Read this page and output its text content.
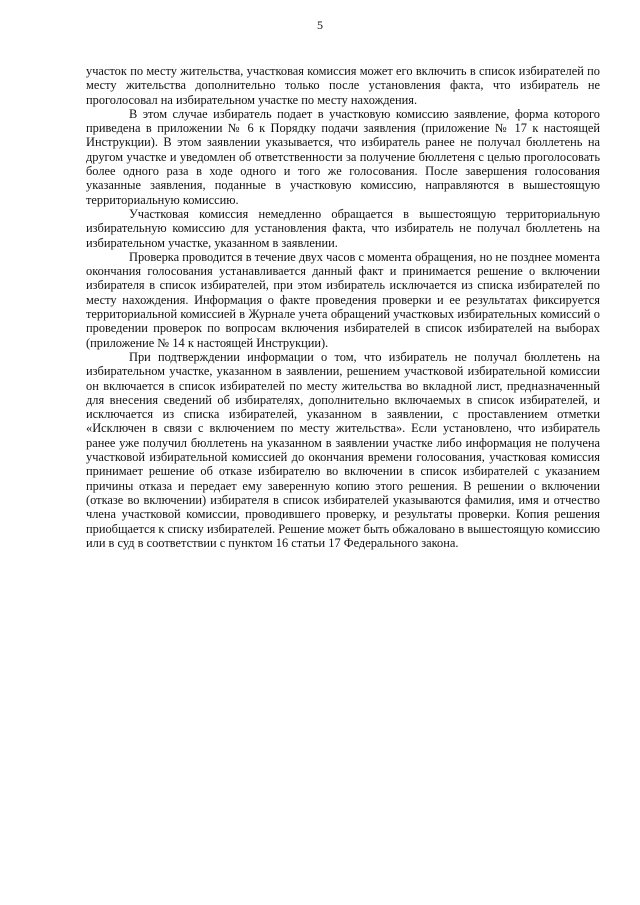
5

участок по месту жительства, участковая комиссия может его включить в список избирателей по месту жительства дополнительно только после установления факта, что избиратель не проголосовал на избирательном участке по месту нахождения.

В этом случае избиратель подает в участковую комиссию заявление, форма которого приведена в приложении № 6 к Порядку подачи заявления (приложение № 17 к настоящей Инструкции). В этом заявлении указывается, что избиратель ранее не получал бюллетень на другом участке и уведомлен об ответственности за получение бюллетеня с целью проголосовать более одного раза в ходе одного и того же голосования. После завершения голосования указанные заявления, поданные в участковую комиссию, направляются в вышестоящую территориальную комиссию.

Участковая комиссия немедленно обращается в вышестоящую территориальную избирательную комиссию для установления факта, что избиратель не получал бюллетень на избирательном участке, указанном в заявлении.

Проверка проводится в течение двух часов с момента обращения, но не позднее момента окончания голосования устанавливается данный факт и принимается решение о включении избирателя в список избирателей, при этом избиратель исключается из списка избирателей по месту нахождения. Информация о факте проведения проверки и ее результатах фиксируется территориальной комиссией в Журнале учета обращений участковых избирательных комиссий о проведении проверок по вопросам включения избирателей в список избирателей на выборах (приложение № 14 к настоящей Инструкции).

При подтверждении информации о том, что избиратель не получал бюллетень на избирательном участке, указанном в заявлении, решением участковой избирательной комиссии он включается в список избирателей по месту жительства во вкладной лист, предназначенный для внесения сведений об избирателях, дополнительно включаемых в список избирателей, и исключается из списка избирателей, указанном в заявлении, с проставлением отметки «Исключен в связи с включением по месту жительства». Если установлено, что избиратель ранее уже получил бюллетень на указанном в заявлении участке либо информация не получена участковой избирательной комиссией до окончания времени голосования, участковая комиссия принимает решение об отказе избирателю во включении в список избирателей с указанием причины отказа и передает ему заверенную копию этого решения. В решении о включении (отказе во включении) избирателя в список избирателей указываются фамилия, имя и отчество члена участковой комиссии, проводившего проверку, и результаты проверки. Копия решения приобщается к списку избирателей. Решение может быть обжаловано в вышестоящую комиссию или в суд в соответствии с пунктом 16 статьи 17 Федерального закона.
